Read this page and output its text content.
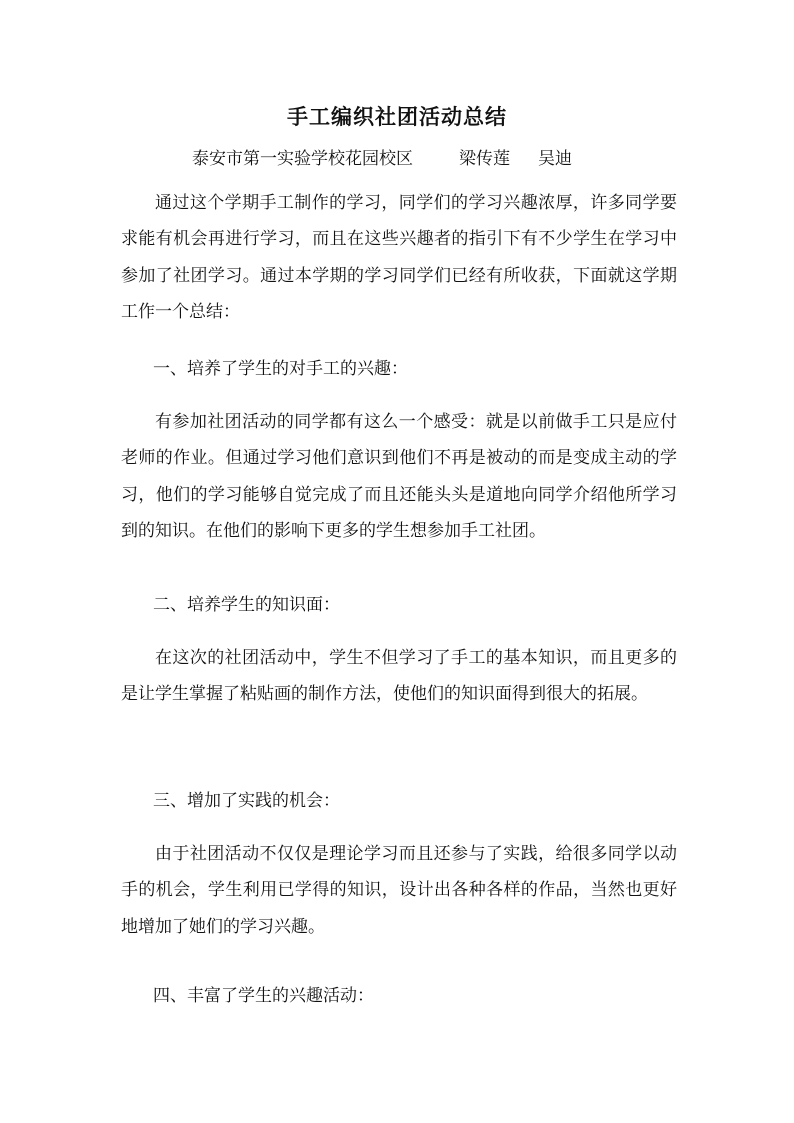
手工编织社团活动总结
泰安市第一实验学校花园校区	梁传莲 吴迪

通过这个学期手工制作的学习，同学们的学习兴趣浓厚，许多同学要求能有机会再进行学习，而且在这些兴趣者的指引下有不少学生在学习中参加了社团学习。通过本学期的学习同学们已经有所收获，下面就这学期工作一个总结：

一、培养了学生的对手工的兴趣：

有参加社团活动的同学都有这么一个感受：就是以前做手工只是应付老师的作业。但通过学习他们意识到他们不再是被动的而是变成主动的学习，他们的学习能够自觉完成了而且还能头头是道地向同学介绍他所学习到的知识。在他们的影响下更多的学生想参加手工社团。

二、培养学生的知识面：

在这次的社团活动中，学生不但学习了手工的基本知识，而且更多的是让学生掌握了粘贴画的制作方法，使他们的知识面得到很大的拓展。

三、增加了实践的机会：

由于社团活动不仅仅是理论学习而且还参与了实践，给很多同学以动手的机会，学生利用已学得的知识，设计出各种各样的作品，当然也更好地增加了她们的学习兴趣。

四、丰富了学生的兴趣活动：
